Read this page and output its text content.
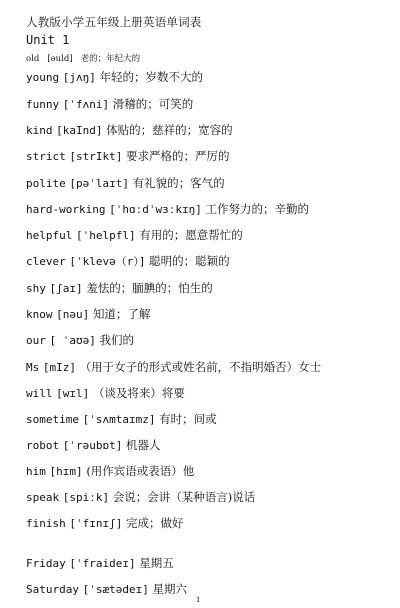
人教版小学五年级上册英语单词表
Unit 1
old [əuld] 老的；年纪大的
young [jʌŋ] 年轻的；岁数不大的
funny [ˈfʌni] 滑稽的；可笑的
kind [kaInd] 体贴的；慈祥的；宽容的
strict [strIkt] 要求严格的；严厉的
polite [pəˈlaɪt] 有礼貌的；客气的
hard-working [ˈhɑːdˈwɜːkɪŋ] 工作努力的；辛勤的
helpful [ˈhelpfl] 有用的；愿意帮忙的
clever [ˈklevə（r）] 聪明的；聪颖的
shy [ʃaɪ] 羞怯的；腼腆的；怕生的
know [nəu] 知道；了解
our [ ˈaʊə] 我们的
Ms [mIz] （用于女子的形式或姓名前，不指明婚否）女士
will [wɪl] （谈及将来）将要
sometime [ˈsʌmtaɪmz] 有时；间或
robot [ˈrəubɒt] 机器人
him [hɪm] (用作宾语或表语）他
speak [spiːk] 会说；会讲（某种语言)说话
finish [ˈfɪnɪʃ] 完成；做好
Friday [ˈfraideɪ] 星期五
Saturday [ˈsætədeɪ] 星期六
1
